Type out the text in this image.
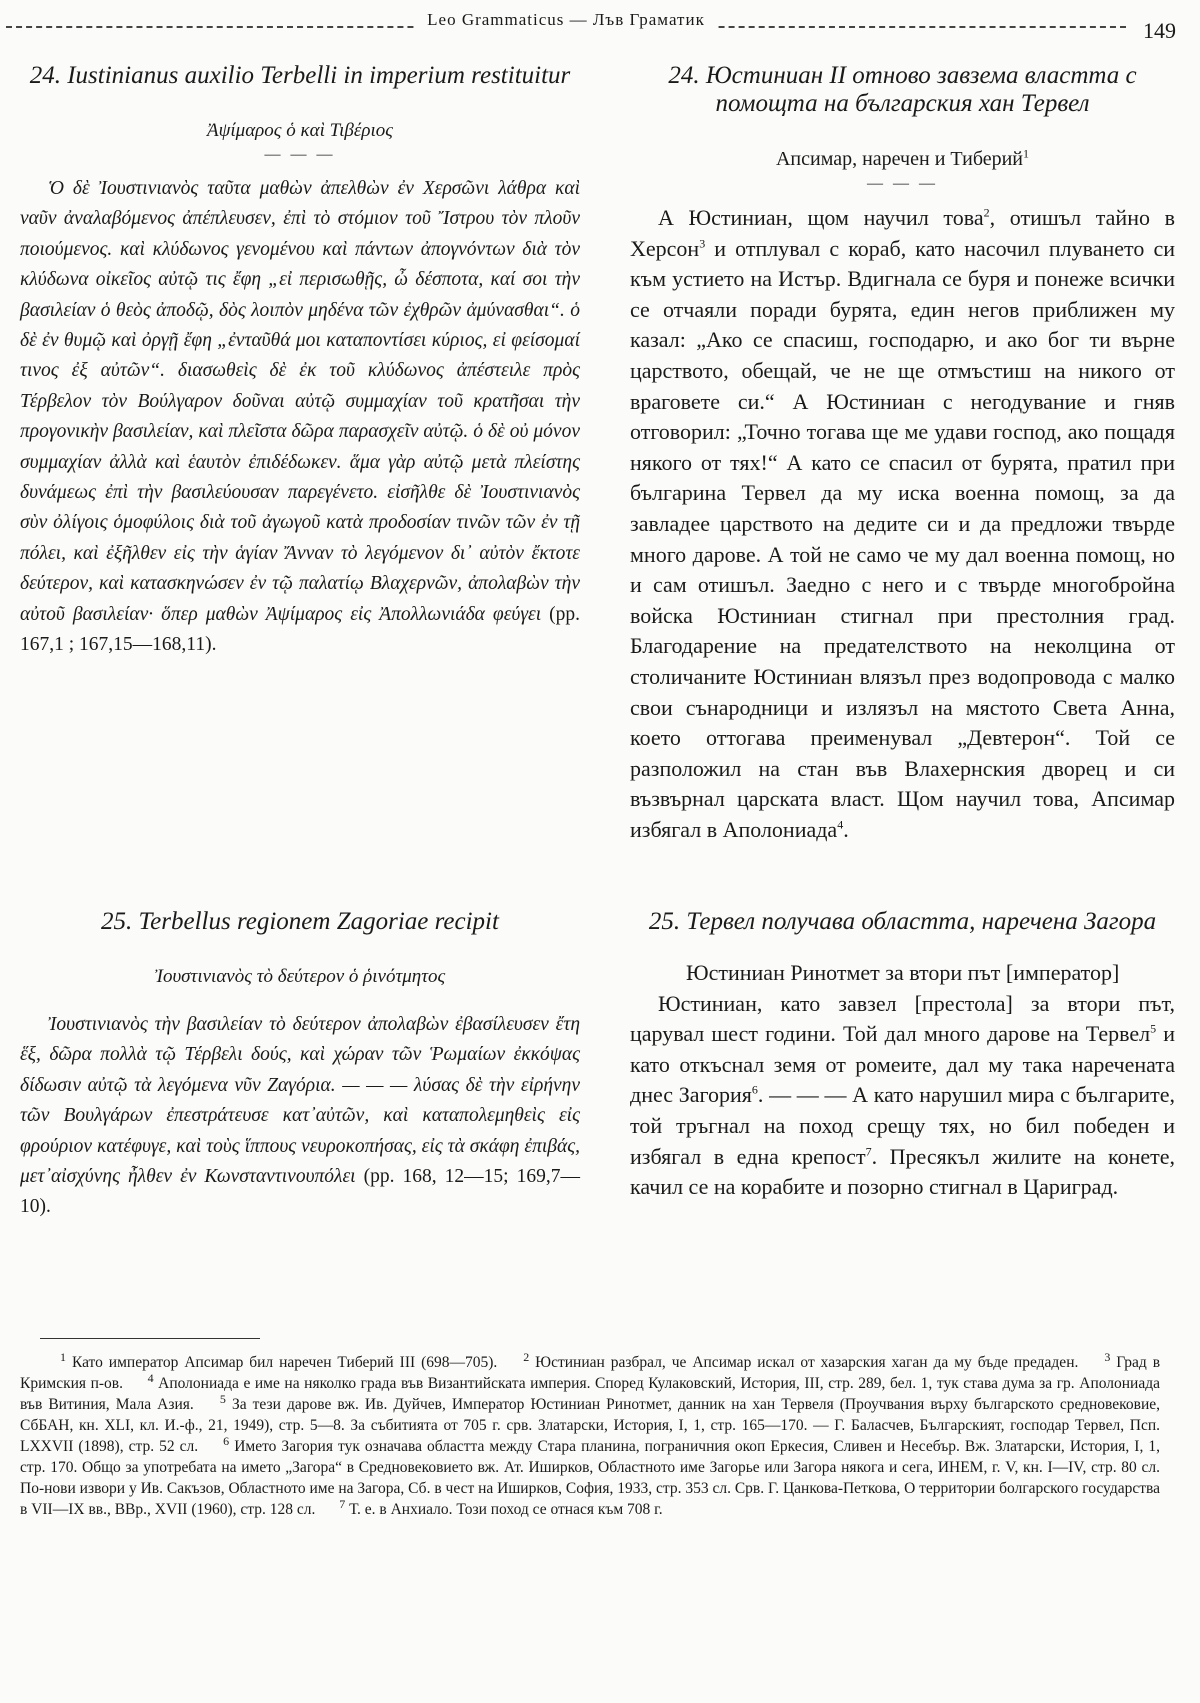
Leo Grammaticus — Лъв Граматик	149
24. Iustinianus auxilio Terbelli in imperium restituitur
Ἀψίμαρος ὁ καὶ Τιβέριος
— — —

Ὁ δὲ Ἰουστινιανὸς ταῦτα μαθὼν ἀπελθὼν ἐν Χερσῶνι λάθρα καὶ ναῦν ἀναλαβόμενος ἀπέπλευσεν, ἐπὶ τὸ στόμιον τοῦ Ἴστρου τὸν πλοῦν ποιούμενος. καὶ κλύδωνος γενομένου καὶ πάντων ἀπογνόντων διὰ τὸν κλύδωνα οἰκεῖος αὐτῷ τις ἔφη „εἰ περισωθῇς, ὦ δέσποτα, καί σοι τὴν βασιλείαν ὁ θεὸς ἀποδῷ, δὸς λοιπὸν μηδένα τῶν ἐχθρῶν ἀμύνασθαι“. ὁ δὲ ἐν θυμῷ καὶ ὀργῇ ἔφη „ἐνταῦθά μοι καταποντίσει κύριος, εἰ φείσομαί τινος ἐξ αὐτῶν“. διασωθεὶς δὲ ἐκ τοῦ κλύδωνος ἀπέστειλε πρὸς Τέρβελον τὸν Βούλγαρον δοῦναι αὐτῷ συμμαχίαν τοῦ κρατῆσαι τὴν προγονικὴν βασιλείαν, καὶ πλεῖστα δῶρα παρασχεῖν αὐτῷ. ὁ δὲ οὐ μόνον συμμαχίαν ἀλλὰ καὶ ἑαυτὸν ἐπιδέδωκεν. ἅμα γὰρ αὐτῷ μετὰ πλείστης δυνάμεως ἐπὶ τὴν βασιλεύουσαν παρεγένετο. εἰσῆλθε δὲ Ἰουστινιανὸς σὺν ὀλίγοις ὁμοφύλοις διὰ τοῦ ἀγωγοῦ κατὰ προδοσίαν τινῶν τῶν ἐν τῇ πόλει, καὶ ἐξῆλθεν εἰς τὴν ἁγίαν Ἄνναν τὸ λεγόμενον δι᾽ αὐτὸν ἔκτοτε δεύτερον, καὶ κατασκηνώσεν ἐν τῷ παλατίῳ Βλαχερνῶν, ἀπολαβὼν τὴν αὐτοῦ βασιλείαν· ὅπερ μαθὼν Ἀψίμαρος εἰς Ἀπολλωνιάδα φεύγει (pp. 167,1 ; 167,15—168,11).

24. Юстиниан II отново завзема властта с помощта на българския хан Тервел
Апсимар, наречен и Тиберий$^1$
— — —

А Юстиниан, щом научил това$^2$, отишъл тайно в Херсон$^3$ и отплувал с кораб, като насочил плуването си към устието на Истър. Вдигнала се буря и понеже всички се отчаяли поради бурята, един негов приближен му казал: „Ако се спасиш, господарю, и ако бог ти върне царството, обещай, че не ще отмъстиш на никого от враговете си.“ А Юстиниан с негодувание и гняв отговорил: „Точно тогава ще ме удави господ, ако пощадя някого от тях!“ А като се спасил от бурята, пратил при българина Тервел да му иска военна помощ, за да завладее царството на дедите си и да предложи твърде много дарове. А той не само че му дал военна помощ, но и сам отишъл. Заедно с него и с твърде многобройна войска Юстиниан стигнал при престолния град. Благодарение на предателството на неколцина от столичаните Юстиниан влязъл през водопровода с малко свои сънародници и излязъл на мястото Света Анна, което оттогава преименувал „Девтерон“. Той се разположил на стан във Влахернския дворец и си възвърнал царската власт. Щом научил това, Апсимар избягал в Аполониада$^4$.

25. Terbellus regionem Zagoriae recipit
Ἰουστινιανὸς τὸ δεύτερον ὁ ῥινότμητος

Ἰουστινιανὸς τὴν βασιλείαν τὸ δεύτερον ἀπολαβὼν ἐβασίλευσεν ἔτη ἕξ, δῶρα πολλὰ τῷ Τέρβελι δούς, καὶ χώραν τῶν Ῥωμαίων ἐκκόψας δίδωσιν αὐτῷ τὰ λεγόμενα νῦν Ζαγόρια. — — — λύσας δὲ τὴν εἰρήνην τῶν Βουλγάρων ἐπεστράτευσε κατ᾽αὐτῶν, καὶ καταπολεμηθεὶς εἰς φρούριον κατέφυγε, καὶ τοὺς ἵππους νευροκοπήσας, εἰς τὰ σκάφη ἐπιβάς, μετ᾽αἰσχύνης ἦλθεν ἐν Κωνσταντινουπόλει (pp. 168, 12—15; 169,7—10).

25. Тервел получава областта, наречена Загора

Юстиниан Ринотмет за втори път [император]

Юстиниан, като завзел [престола] за втори път, царувал шест години. Той дал много дарове на Тервел$^5$ и като откъснал земя от ромеите, дал му така наречената днес Загория$^6$. — — — А като нарушил мира с българите, той тръгнал на поход срещу тях, но бил победен и избягал в една крепост$^7$. Пресякъл жилите на конете, качил се на корабите и позорно стигнал в Цариград.

$^1$ Като император Апсимар бил наречен Тиберий III (698—705). $^2$ Юстиниан разбрал, че Апсимар искал от хазарския хаган да му бъде предаден. $^3$ Град в Кримския п-ов. $^4$ Аполониада е име на няколко града във Византийската империя. Според Кулаковский, История, III, стр. 289, бел. 1, тук става дума за гр. Аполониада във Витиния, Мала Азия. $^5$ За тези дарове вж. Ив. Дуйчев, Император Юстиниан Ринотмет, данник на хан Тервеля (Проучвания върху българското средновековие, СбБАН, кн. XLI, кл. И.-ф., 21, 1949), стр. 5—8. За събитията от 705 г. срв. Златарски, История, I, 1, стр. 165—170. — Г. Баласчев, Българският, господар Тервел, Псп. LXXVII (1898), стр. 52 сл. $^6$ Името Загория тук означава областта между Стара планина, пограничния окоп Еркесия, Сливен и Несебър. Вж. Златарски, История, I, 1, стр. 170. Общо за употребата на името „Загора“ в Средновековието вж. Ат. Иширков, Областното име Загорье или Загора някога и сега, ИНЕМ, г. V, кн. I—IV, стр. 80 сл. По-нови извори у Ив. Сакъзов, Областното име на Загора, Сб. в чест на Иширков, София, 1933, стр. 353 сл. Срв. Г. Цанкова-Петкова, О территории болгарского государства в VII—IX вв., ВВр., XVII (1960), стр. 128 сл. $^7$ Т. е. в Анхиало. Този поход се отнася към 708 г.
